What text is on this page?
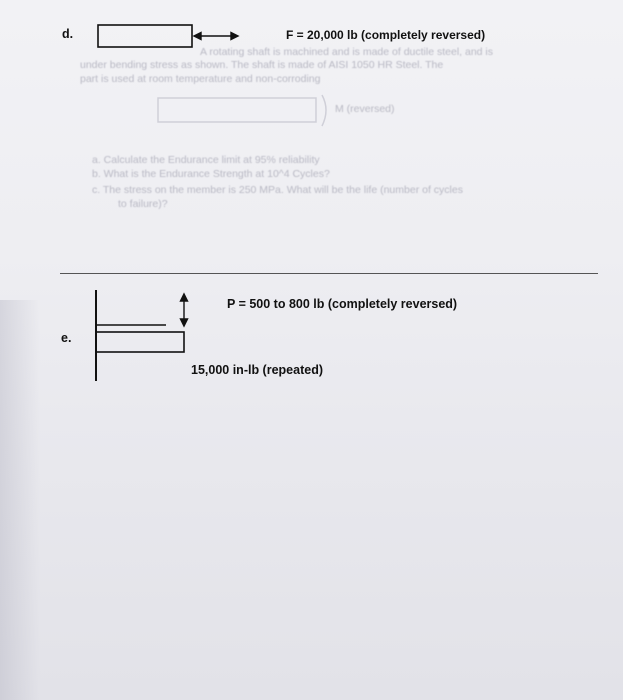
A rotating shaft is machined and is made of ductile steel, and is
under bending stress as shown. The shaft is made of AISI 1050 HR Steel. The
part is used at room temperature and non-corroding
M (reversed)
a. Calculate the Endurance limit at 95% reliability
b. What is the Endurance Strength at 10^4 Cycles?
c. The stress on the member is 250 MPa. What will be the life (number of cycles
to failure)?
d.	F = 20,000 lb (completely reversed)
P = 500 to 800 lb (completely reversed)
e.
15,000 in-lb (repeated)
